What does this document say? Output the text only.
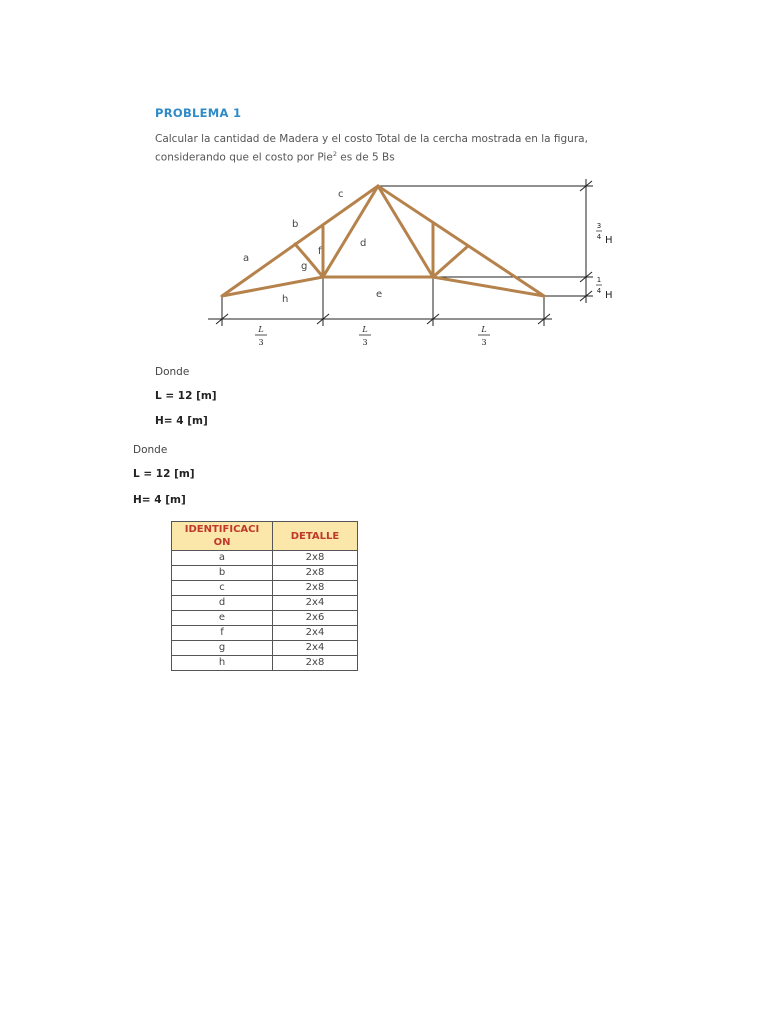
PROBLEMA 1
Calcular la cantidad de Madera y el costo Total de la cercha mostrada en la figura,
considerando que el costo por Pie$^2$ es de 5 Bs
a
b
c
d
e
f
g
h
L
3
L
3
L
3
3
4 H
1
4 H
Donde
L = 12 [m]
H= 4 [m]
Donde
L = 12 [m]
H= 4 [m]
IDENTIFICACI
ON	DETALLE
a	2x8
b	2x8
c	2x8
d	2x4
e	2x6
f	2x4
g	2x4
h	2x8
